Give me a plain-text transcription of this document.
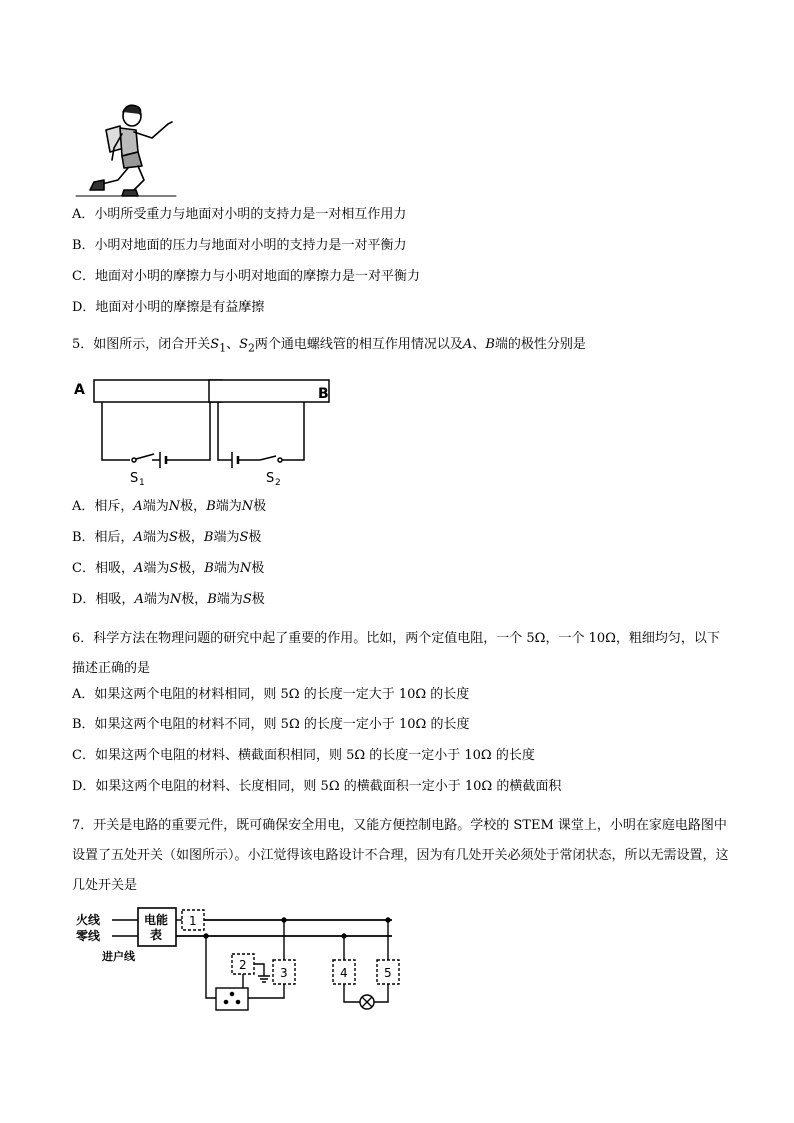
A．小明所受重力与地面对小明的支持力是一对相互作用力
B．小明对地面的压力与地面对小明的支持力是一对平衡力
C．地面对小明的摩擦力与小明对地面的摩擦力是一对平衡力
D．地面对小明的摩擦是有益摩擦
5．如图所示，闭合开关$S_1$、$S_2$两个通电螺线管的相互作用情况以及A、B端的极性分别是
A	B
S 1	S 2
A．相斥，A端为N极，B端为N极
B．相后，A端为S极，B端为S极
C．相吸，A端为S极，B端为N极
D．相吸，A端为N极，B端为S极
6．科学方法在物理问题的研究中起了重要的作用。比如，两个定值电阻，一个 5Ω，一个 10Ω，粗细均匀，以下描述正确的是
A．如果这两个电阻的材料相同，则 5Ω 的长度一定大于 10Ω 的长度
B．如果这两个电阻的材料不同，则 5Ω 的长度一定小于 10Ω 的长度
C．如果这两个电阻的材料、横截面积相同，则 5Ω 的长度一定小于 10Ω 的长度
D．如果这两个电阻的材料、长度相同，则 5Ω 的横截面积一定小于 10Ω 的横截面积
7．开关是电路的重要元件，既可确保安全用电，又能方便控制电路。学校的 STEM 课堂上，小明在家庭电路图中设置了五处开关（如图所示）。小江觉得该电路设计不合理，因为有几处开关必须处于常闭状态，所以无需设置，这几处开关是
火线
零线
电能
表
进户线
1
2
3	4	5
